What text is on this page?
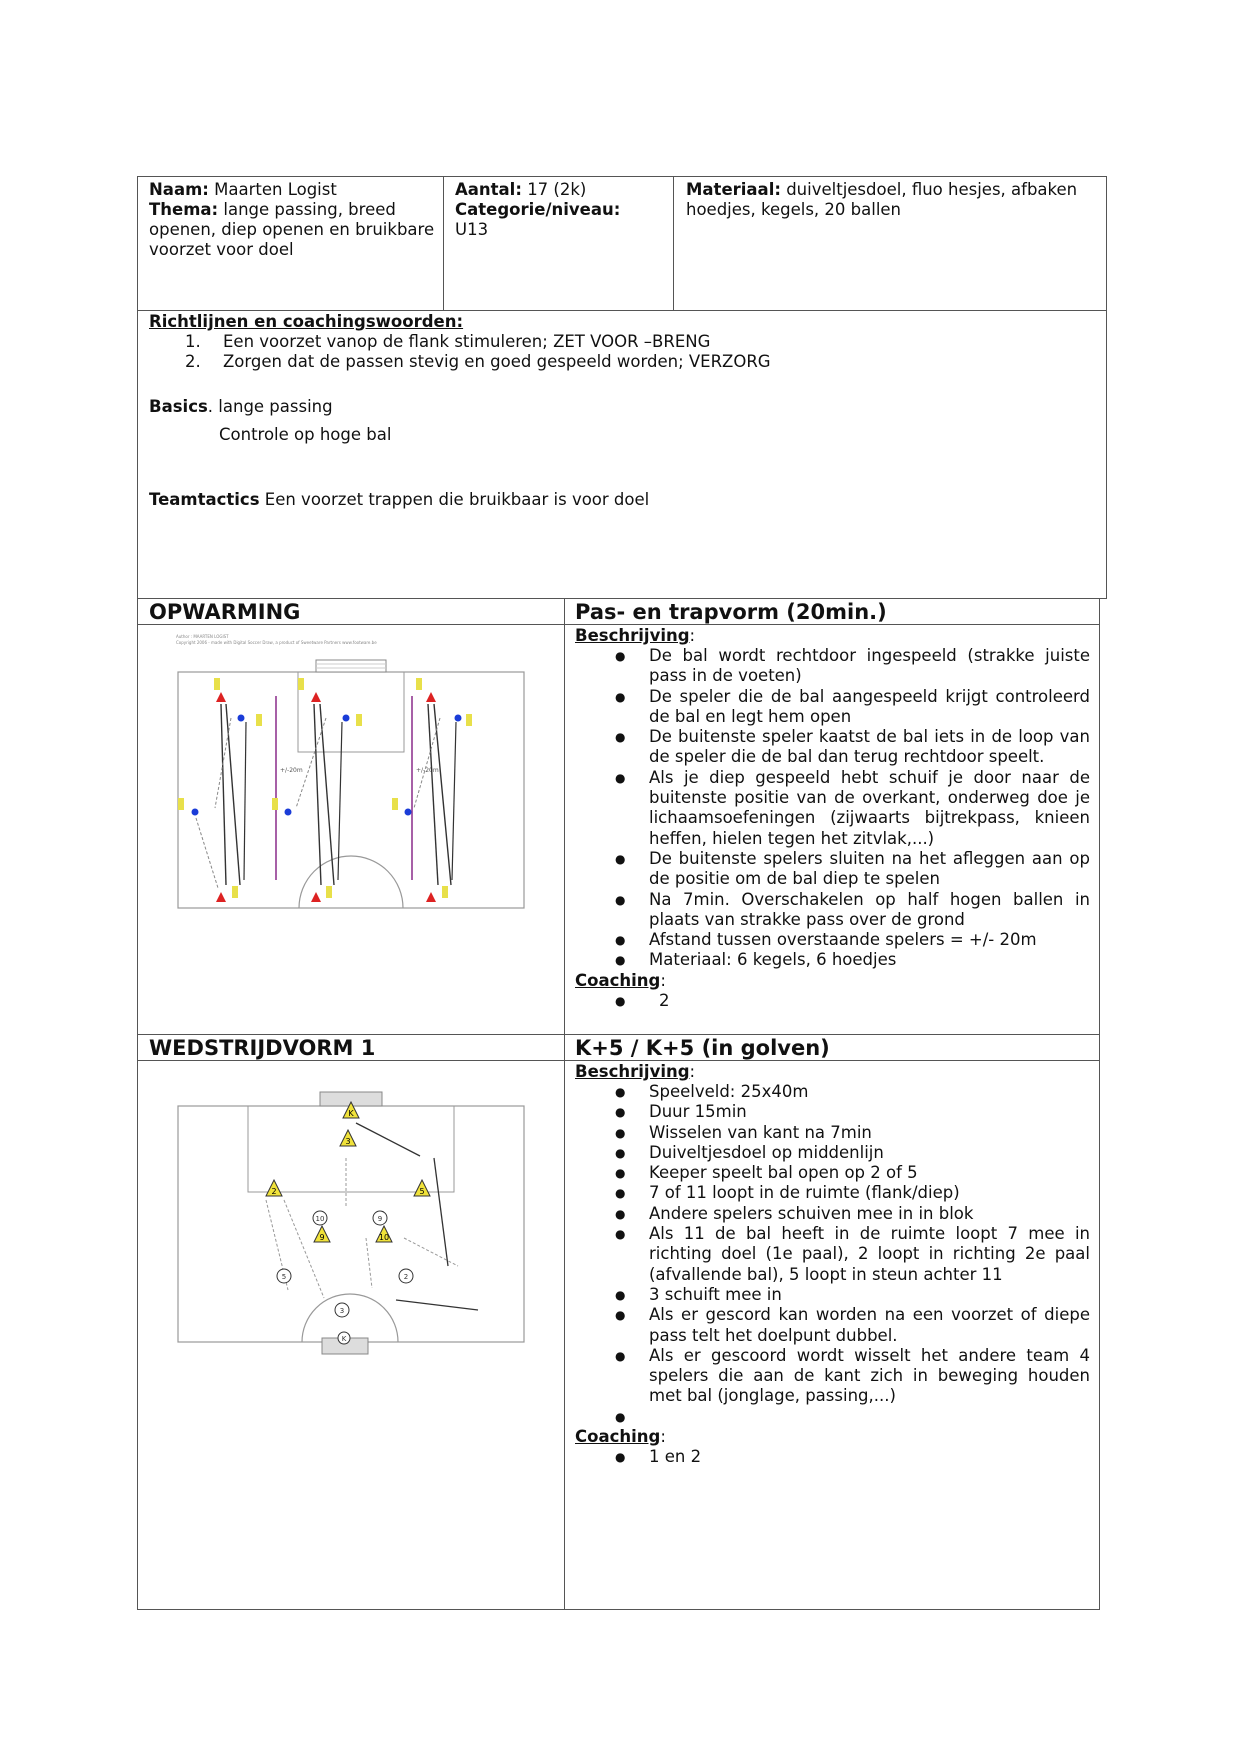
Naam: Maarten Logist
Thema: lange passing, breed openen, diep openen en bruikbare voorzet voor doel
Aantal: 17 (2k)
Categorie/niveau:
U13
Materiaal: duiveltjesdoel, fluo hesjes, afbaken hoedjes, kegels, 20 ballen
Richtlijnen en coachingswoorden:
1. Een voorzet vanop de flank stimuleren; ZET VOOR –BRENG
2. Zorgen dat de passen stevig en goed gespeeld worden; VERZORG
Basics. lange passing
Controle op hoge bal
Teamtactics Een voorzet trappen die bruikbaar is voor doel
OPWARMING	Pas- en trapvorm (20min.)
Beschrijving:
● De bal wordt rechtdoor ingespeeld (strakke juiste pass in de voeten)
● De speler die de bal aangespeeld krijgt controleerd de bal en legt hem open
● De buitenste speler kaatst de bal iets in de loop van de speler die de bal dan terug rechtdoor speelt.
● Als je diep gespeeld hebt schuif je door naar de buitenste positie van de overkant, onderweg doe je lichaamsoefeningen (zijwaarts bijtrekpass, knieen heffen, hielen tegen het zitvlak,...)
● De buitenste spelers sluiten na het afleggen aan op de positie om de bal diep te spelen
● Na 7min. Overschakelen op half hogen ballen in plaats van strakke pass over de grond
● Afstand tussen overstaande spelers = +/- 20m
● Materiaal: 6 kegels, 6 hoedjes
Coaching:
● 2
Author : MAARTEN LOGIST
Copyright 2006 - made with Digital Soccer Draw, a product of Sweetware Partners www.footware.be
+/-20m	+/-20m
WEDSTRIJDVORM 1	K+5 / K+5 (in golven)
Beschrijving:
● Speelveld: 25x40m
● Duur 15min
● Wisselen van kant na 7min
● Duiveltjesdoel op middenlijn
● Keeper speelt bal open op 2 of 5
● 7 of 11 loopt in de ruimte (flank/diep)
● Andere spelers schuiven mee in in blok
● Als 11 de bal heeft in de ruimte loopt 7 mee in richting doel (1e paal), 2 loopt in richting 2e paal (afvallende bal), 5 loopt in steun achter 11
● 3 schuift mee in
● Als er gescord kan worden na een voorzet of diepe pass telt het doelpunt dubbel.
● Als er gescoord wordt wisselt het andere team 4 spelers die aan de kant zich in beweging houden met bal (jonglage, passing,...)
●
Coaching:
● 1 en 2
K
3
2	5
9	10
10	9
5	2
3
K
